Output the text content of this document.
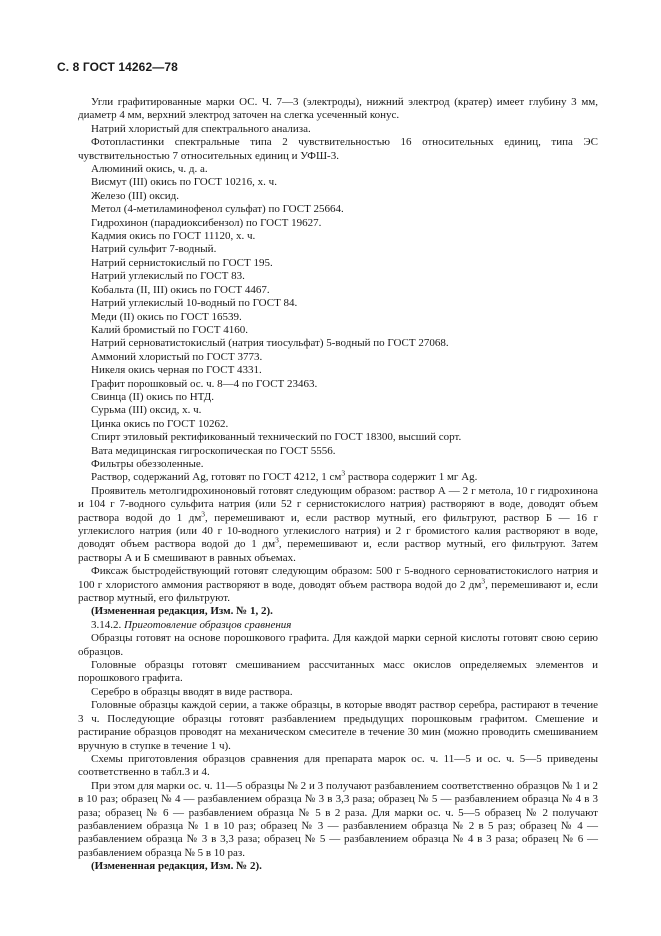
С. 8 ГОСТ 14262—78

Угли графитированные марки ОС. Ч. 7—3 (электроды), нижний электрод (кратер) имеет глубину 3 мм, диаметр 4 мм, верхний электрод заточен на слегка усеченный конус.

Натрий хлористый для спектрального анализа.

Фотопластинки спектральные типа 2 чувствительностью 16 относительных единиц, типа ЭС чувствительностью 7 относительных единиц и УФШ-3.

Алюминий окись, ч. д. а.

Висмут (III) окись по ГОСТ 10216, х. ч.

Железо (III) оксид.

Метол (4-метиламинофенол сульфат) по ГОСТ 25664.

Гидрохинон (парадиоксибензол) по ГОСТ 19627.

Кадмия окись по ГОСТ 11120, х. ч.

Натрий сульфит 7-водный.

Натрий сернистокислый по ГОСТ 195.

Натрий углекислый по ГОСТ 83.

Кобальта (II, III) окись по ГОСТ 4467.

Натрий углекислый 10-водный по ГОСТ 84.

Меди (II) окись по ГОСТ 16539.

Калий бромистый по ГОСТ 4160.

Натрий серноватистокислый (натрия тиосульфат) 5-водный по ГОСТ 27068.

Аммоний хлористый по ГОСТ 3773.

Никеля окись черная по ГОСТ 4331.

Графит порошковый ос. ч. 8—4 по ГОСТ 23463.

Свинца (II) окись по НТД.

Сурьма (III) оксид, х. ч.

Цинка окись по ГОСТ 10262.

Спирт этиловый ректификованный технический по ГОСТ 18300, высший сорт.

Вата медицинская гигроскопическая по ГОСТ 5556.

Фильтры обеззоленные.

Раствор, содержаний Ag, готовят по ГОСТ 4212, 1 $см^3$ раствора содержит 1 мг Ag.

Проявитель метолгидрохиноновый готовят следующим образом: раствор А — 2 г метола, 10 г гидрохинона и 104 г 7-водного сульфита натрия (или 52 г сернистокислого натрия) растворяют в воде, доводят объем раствора водой до 1 $дм^3$, перемешивают и, если раствор мутный, его фильтруют, раствор Б — 16 г углекислого натрия (или 40 г 10-водного углекислого натрия) и 2 г бромистого калия растворяют в воде, доводят объем раствора водой до 1 $дм^3$, перемешивают и, если раствор мутный, его фильтруют. Затем растворы А и Б смешивают в равных объемах.

Фиксаж быстродействующий готовят следующим образом: 500 г 5-водного серноватистокислого натрия и 100 г хлористого аммония растворяют в воде, доводят объем раствора водой до 2 $дм^3$, перемешивают и, если раствор мутный, его фильтруют.

(Измененная редакция, Изм. № 1, 2).

3.14.2. Приготовление образцов сравнения

Образцы готовят на основе порошкового графита. Для каждой марки серной кислоты готовят свою серию образцов.

Головные образцы готовят смешиванием рассчитанных масс окислов определяемых элементов и порошкового графита.

Серебро в образцы вводят в виде раствора.

Головные образцы каждой серии, а также образцы, в которые вводят раствор серебра, растирают в течение 3 ч. Последующие образцы готовят разбавлением предыдущих порошковым графитом. Смешение и растирание образцов проводят на механическом смесителе в течение 30 мин (можно проводить смешиванием вручную в ступке в течение 1 ч).

Схемы приготовления образцов сравнения для препарата марок ос. ч. 11—5 и ос. ч. 5—5 приведены соответственно в табл.3 и 4.

При этом для марки ос. ч. 11—5 образцы № 2 и 3 получают разбавлением соответственно образцов № 1 и 2 в 10 раз; образец № 4 — разбавлением образца № 3 в 3,3 раза; образец № 5 — разбавлением образца № 4 в 3 раза; образец № 6 — разбавлением образца № 5 в 2 раза. Для марки ос. ч. 5—5 образец № 2 получают разбавлением образца № 1 в 10 раз; образец № 3 — разбавлением образца № 2 в 5 раз; образец № 4 — разбавлением образца № 3 в 3,3 раза; образец № 5 — разбавлением образца № 4 в 3 раза; образец № 6 — разбавлением образца № 5 в 10 раз.

(Измененная редакция, Изм. № 2).
